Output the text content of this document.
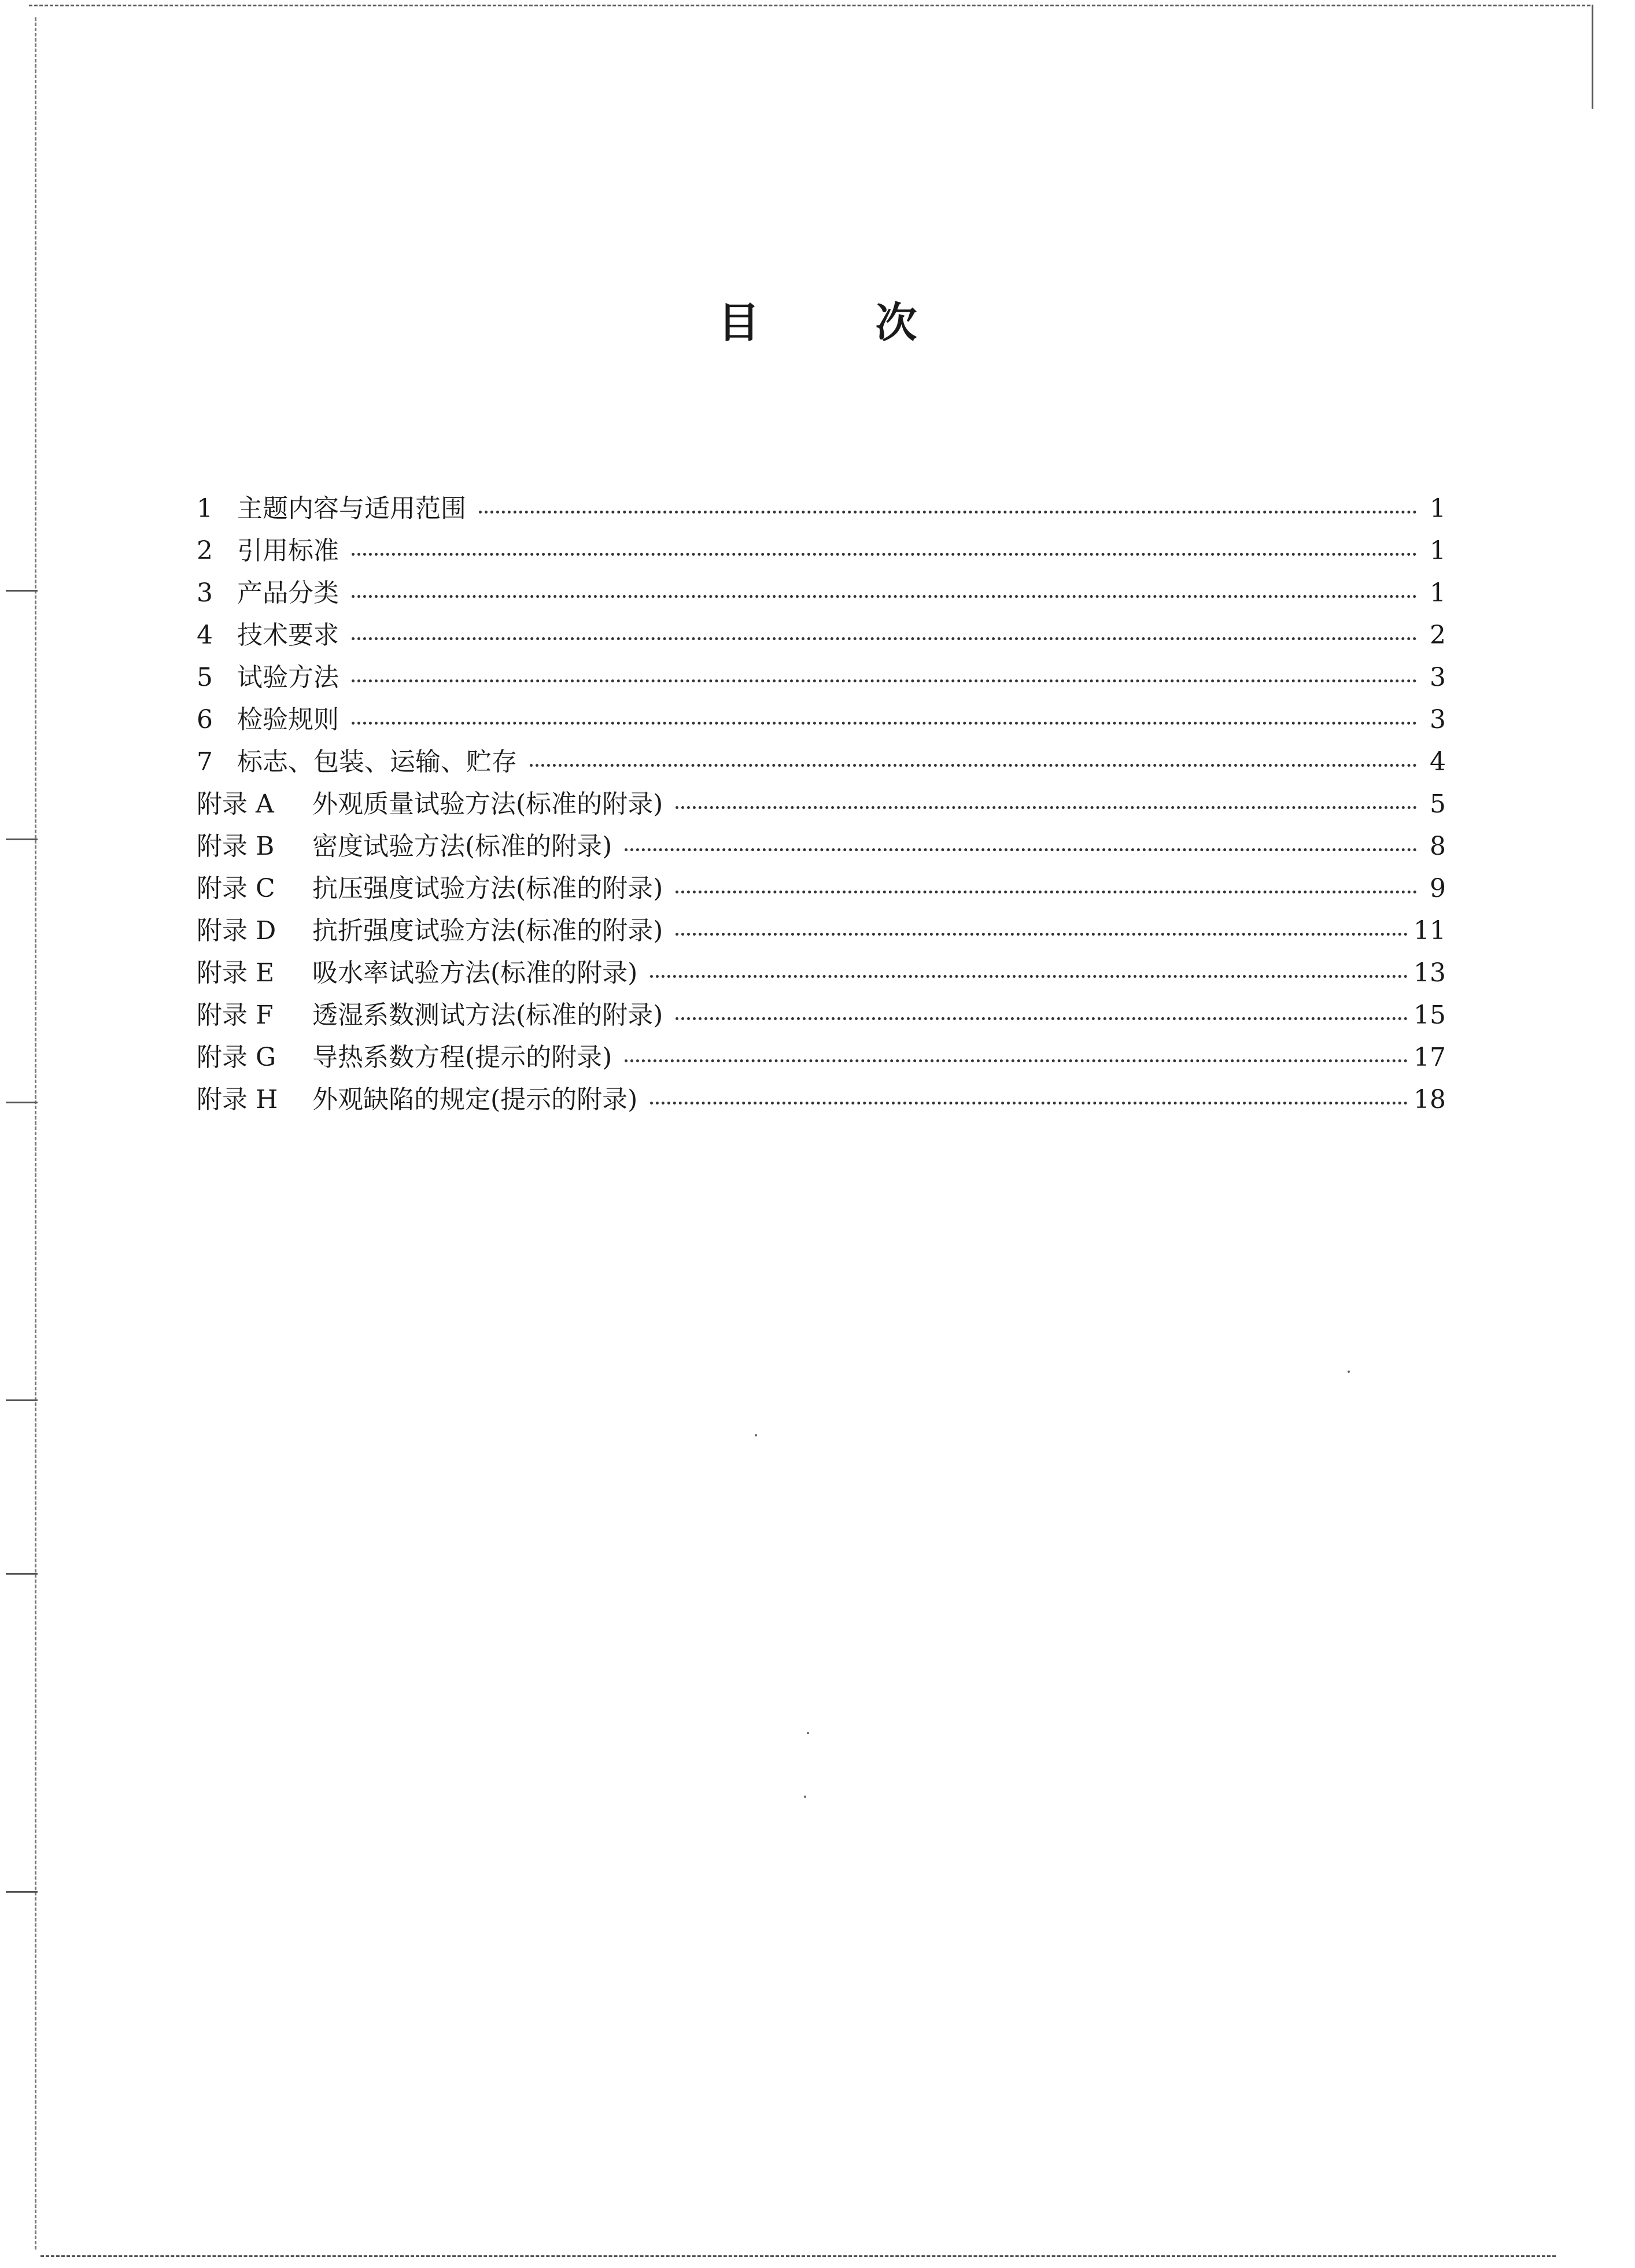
目	次
1 主题内容与适用范围	1
2 引用标准	1
3 产品分类	1
4 技术要求	2
5 试验方法	3
6 检验规则	3
7 标志、包装、运输、贮存	4
附录 A	外观质量试验方法(标准的附录)	5
附录 B	密度试验方法(标准的附录)	8
附录 C	抗压强度试验方法(标准的附录)	9
附录 D	抗折强度试验方法(标准的附录)	11
附录 E	吸水率试验方法(标准的附录)	13
附录 F	透湿系数测试方法(标准的附录)	15
附录 G	导热系数方程(提示的附录)	17
附录 H	外观缺陷的规定(提示的附录)	18
